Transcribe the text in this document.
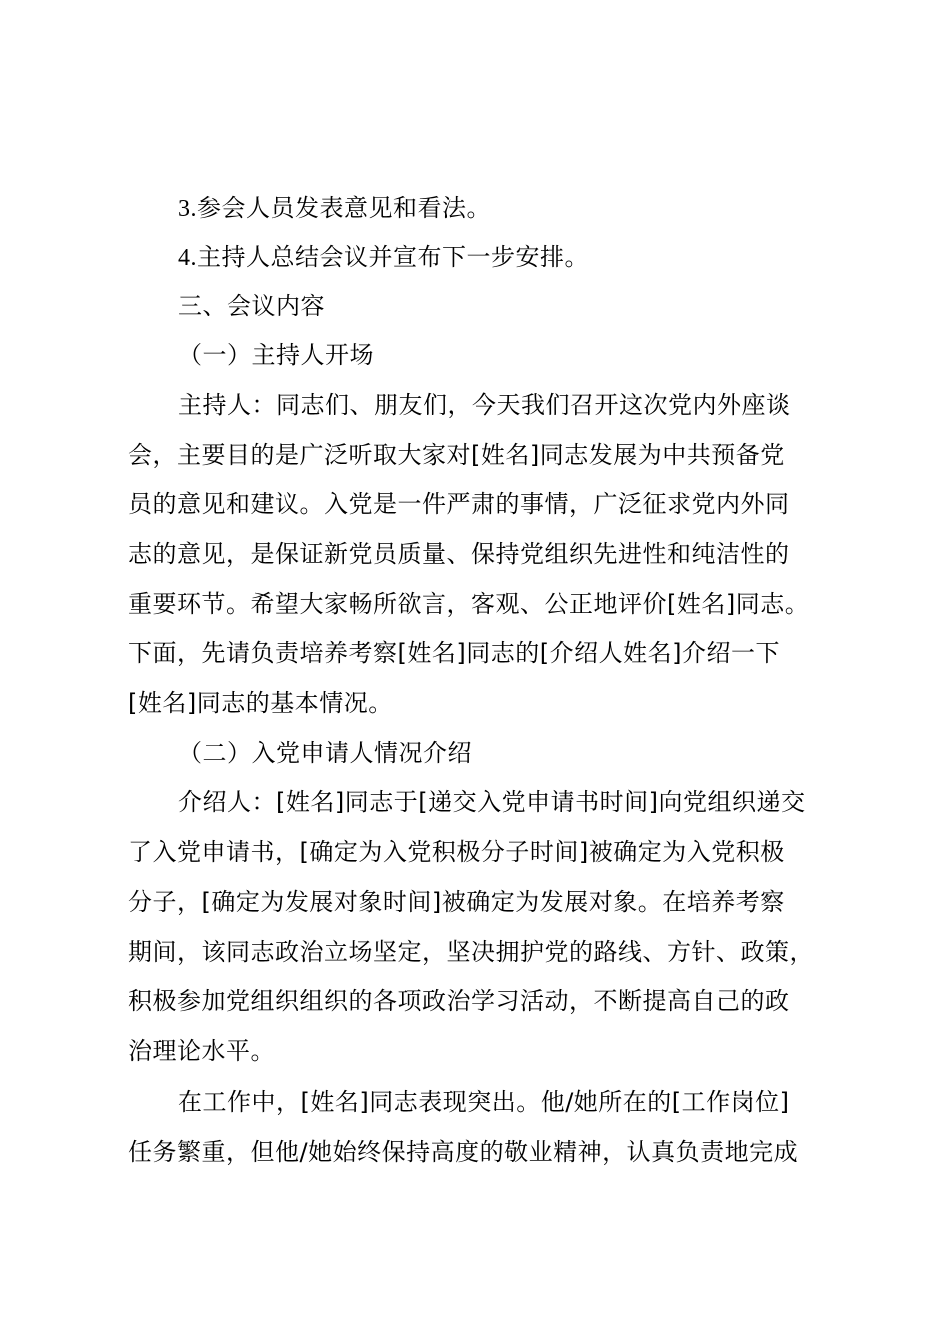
3.参会人员发表意见和看法。
4.主持人总结会议并宣布下一步安排。
三、会议内容
（一）主持人开场
主持人：同志们、朋友们，今天我们召开这次党内外座谈
会，主要目的是广泛听取大家对[姓名]同志发展为中共预备党
员的意见和建议。入党是一件严肃的事情，广泛征求党内外同
志的意见，是保证新党员质量、保持党组织先进性和纯洁性的
重要环节。希望大家畅所欲言，客观、公正地评价[姓名]同志。
下面，先请负责培养考察[姓名]同志的[介绍人姓名]介绍一下
[姓名]同志的基本情况。
（二）入党申请人情况介绍
介绍人：[姓名]同志于[递交入党申请书时间]向党组织递交
了入党申请书，[确定为入党积极分子时间]被确定为入党积极
分子，[确定为发展对象时间]被确定为发展对象。在培养考察
期间，该同志政治立场坚定，坚决拥护党的路线、方针、政策，
积极参加党组织组织的各项政治学习活动，不断提高自己的政
治理论水平。
在工作中，[姓名]同志表现突出。他/她所在的[工作岗位]
任务繁重，但他/她始终保持高度的敬业精神，认真负责地完成
